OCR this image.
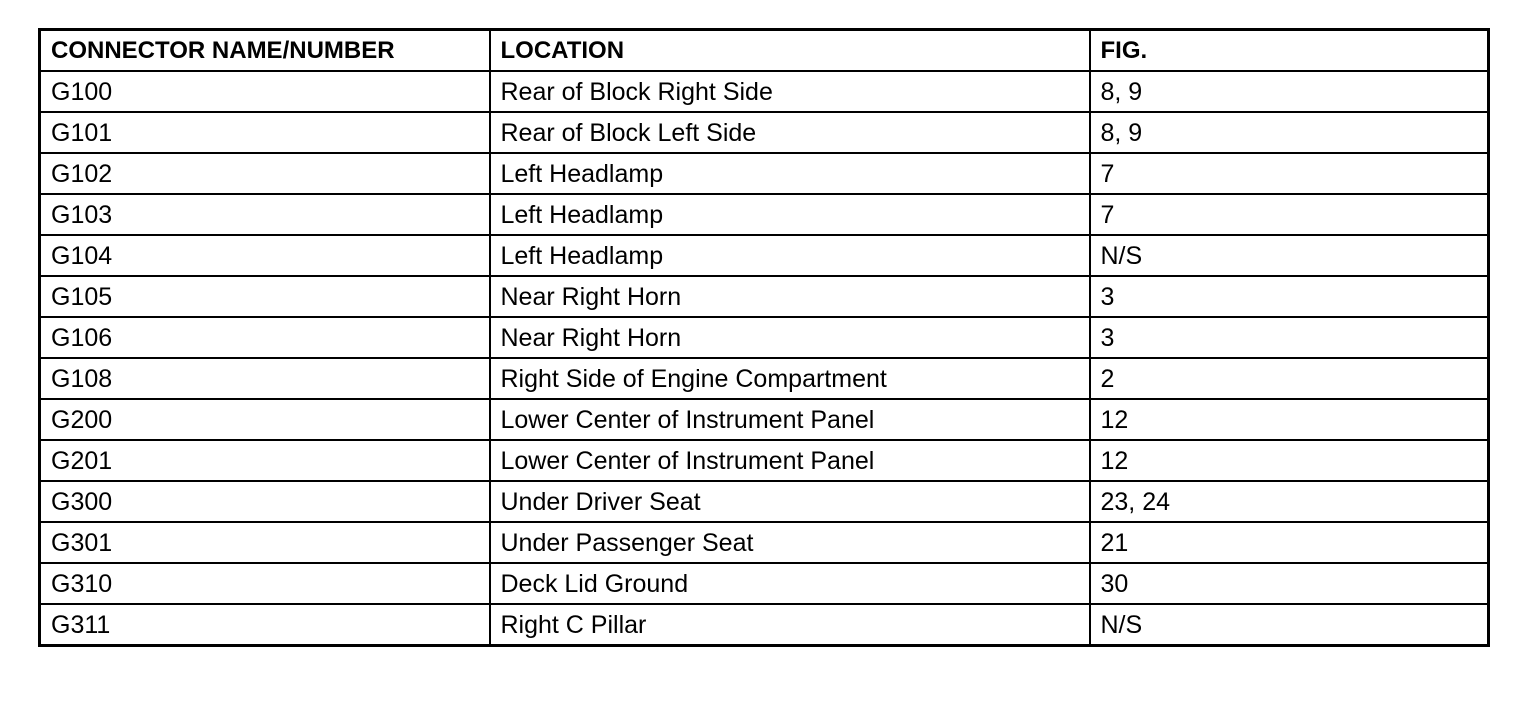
CONNECTOR NAME/NUMBER	LOCATION	FIG.
G100	Rear of Block Right Side	8, 9
G101	Rear of Block Left Side	8, 9
G102	Left Headlamp	7
G103	Left Headlamp	7
G104	Left Headlamp	N/S
G105	Near Right Horn	3
G106	Near Right Horn	3
G108	Right Side of Engine Compartment	2
G200	Lower Center of Instrument Panel	12
G201	Lower Center of Instrument Panel	12
G300	Under Driver Seat	23, 24
G301	Under Passenger Seat	21
G310	Deck Lid Ground	30
G311	Right C Pillar	N/S
